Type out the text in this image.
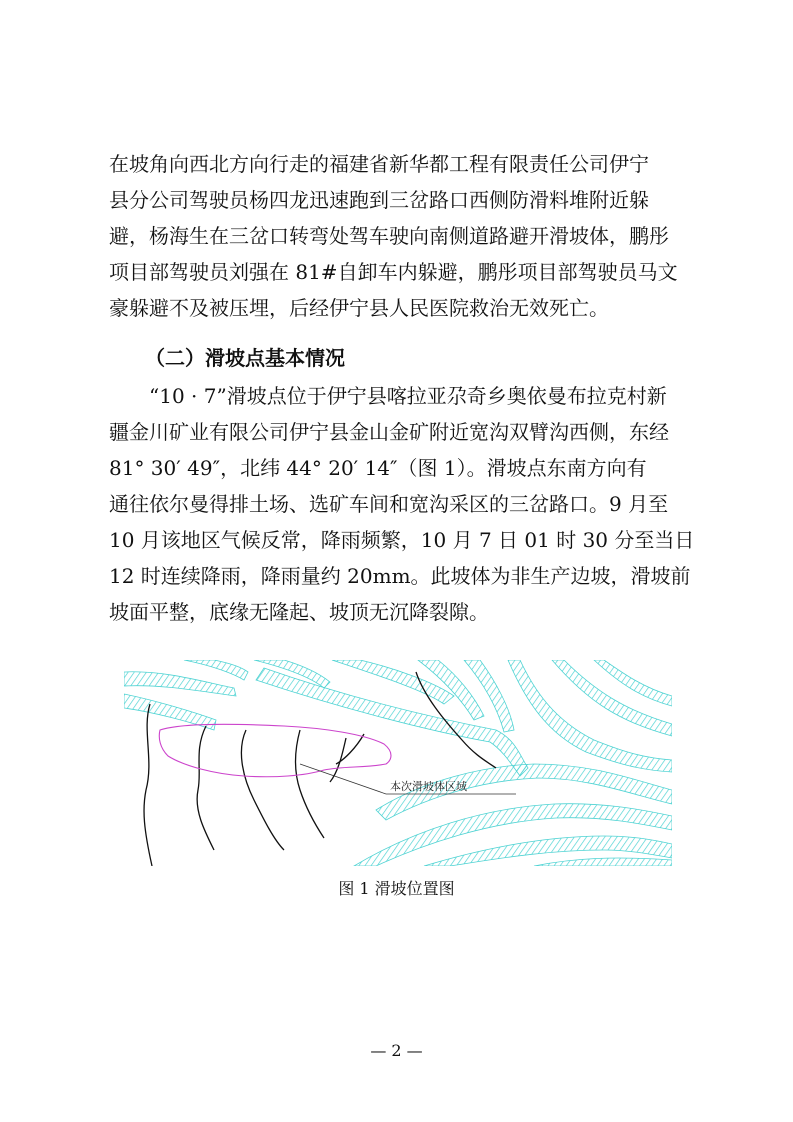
在坡角向西北方向行走的福建省新华都工程有限责任公司伊宁
县分公司驾驶员杨四龙迅速跑到三岔路口西侧防滑料堆附近躲
避，杨海生在三岔口转弯处驾车驶向南侧道路避开滑坡体，鹏彤
项目部驾驶员刘强在 81#自卸车内躲避，鹏彤项目部驾驶员马文
豪躲避不及被压埋，后经伊宁县人民医院救治无效死亡。
（二）滑坡点基本情况
“10 · 7”滑坡点位于伊宁县喀拉亚尕奇乡奥依曼布拉克村新
疆金川矿业有限公司伊宁县金山金矿附近宽沟双臂沟西侧，东经
81° 30′ 49″，北纬 44° 20′ 14″（图 1）。滑坡点东南方向有
通往依尔曼得排土场、选矿车间和宽沟采区的三岔路口。9 月至
10 月该地区气候反常，降雨频繁，10 月 7 日 01 时 30 分至当日
12 时连续降雨，降雨量约 20mm。此坡体为非生产边坡，滑坡前
坡面平整，底缘无隆起、坡顶无沉降裂隙。
本次滑坡体区域
图 1 滑坡位置图
— 2 —
